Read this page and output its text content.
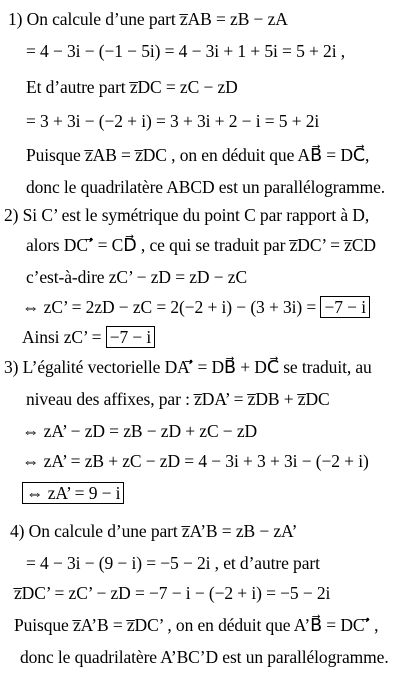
1) On calcule d’une part z̅AB = zB − zA
= 4 − 3i − (−1 − 5i) = 4 − 3i + 1 + 5i = 5 + 2i ,
Et d’autre part z̅DC = zC − zD
= 3 + 3i − (−2 + i) = 3 + 3i + 2 − i = 5 + 2i
Puisque z̅AB = z̅DC , on en déduit que AB⃗ = DC⃗,
donc le quadrilatère ABCD est un parallélogramme.
2) Si C’ est le symétrique du point C par rapport à D,
alors DC’⃗ = CD⃗ , ce qui se traduit par z̅DC’ = z̅CD
c’est-à-dire zC’ − zD = zD − zC
⇔ zC’ = 2zD − zC = 2(−2 + i) − (3 + 3i) = −7 − i
Ainsi zC’ = −7 − i
3) L’égalité vectorielle DA’⃗ = DB⃗ + DC⃗ se traduit, au
niveau des affixes, par : z̅DA’ = z̅DB + z̅DC
⇔ zA’ − zD = zB − zD + zC − zD
⇔ zA’ = zB + zC − zD = 4 − 3i + 3 + 3i − (−2 + i)
⇔ zA’ = 9 − i
4) On calcule d’une part z̅A’B = zB − zA’
= 4 − 3i − (9 − i) = −5 − 2i , et d’autre part
z̅DC’ = zC’ − zD = −7 − i − (−2 + i) = −5 − 2i
Puisque z̅A’B = z̅DC’ , on en déduit que A’B⃗ = DC’⃗ ,
donc le quadrilatère A’BC’D est un parallélogramme.
